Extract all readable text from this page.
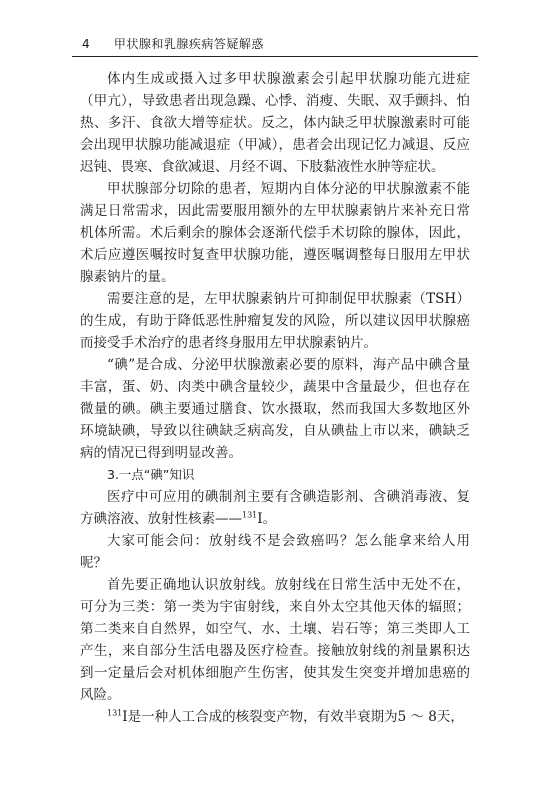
4 甲状腺和乳腺疾病答疑解惑

体内生成或摄入过多甲状腺激素会引起甲状腺功能亢进症（甲亢），导致患者出现急躁、心悸、消瘦、失眠、双手颤抖、怕热、多汗、食欲大增等症状。反之，体内缺乏甲状腺激素时可能会出现甲状腺功能减退症（甲减），患者会出现记忆力减退、反应迟钝、畏寒、食欲减退、月经不调、下肢黏液性水肿等症状。

甲状腺部分切除的患者，短期内自体分泌的甲状腺激素不能满足日常需求，因此需要服用额外的左甲状腺素钠片来补充日常机体所需。术后剩余的腺体会逐渐代偿手术切除的腺体，因此，术后应遵医嘱按时复查甲状腺功能，遵医嘱调整每日服用左甲状腺素钠片的量。

需要注意的是，左甲状腺素钠片可抑制促甲状腺素（TSH）的生成，有助于降低恶性肿瘤复发的风险，所以建议因甲状腺癌而接受手术治疗的患者终身服用左甲状腺素钠片。

“碘”是合成、分泌甲状腺激素必要的原料，海产品中碘含量丰富，蛋、奶、肉类中碘含量较少，蔬果中含量最少，但也存在微量的碘。碘主要通过膳食、饮水摄取，然而我国大多数地区外环境缺碘，导致以往碘缺乏病高发，自从碘盐上市以来，碘缺乏病的情况已得到明显改善。

3.一点“碘”知识

医疗中可应用的碘制剂主要有含碘造影剂、含碘消毒液、复方碘溶液、放射性核素——$^{131}$I。

大家可能会问：放射线不是会致癌吗？怎么能拿来给人用呢？

首先要正确地认识放射线。放射线在日常生活中无处不在，可分为三类：第一类为宇宙射线，来自外太空其他天体的辐照；第二类来自自然界，如空气、水、土壤、岩石等；第三类即人工产生，来自部分生活电器及医疗检查。接触放射线的剂量累积达到一定量后会对机体细胞产生伤害，使其发生突变并增加患癌的风险。

$^{131}$I是一种人工合成的核裂变产物，有效半衰期为5 ～ 8天，
